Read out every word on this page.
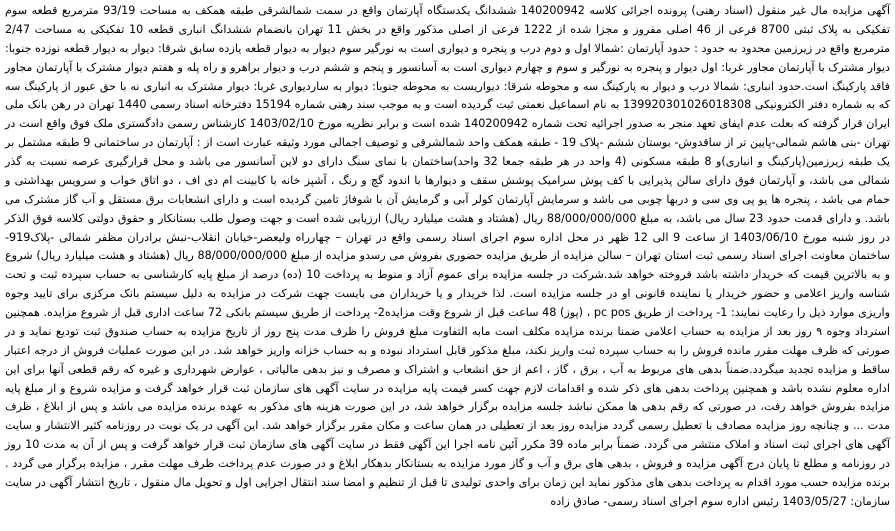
آگهی مزایده مال غیر منقول (اسناد رهنی) پرونده اجرائی کلاسه 140200942 ششدانگ یکدستگاه آپارتمان واقع در سمت شمالشرقی طبقه همکف به مساحت 93/19 مترمربع قطعه سوم تفکیکی به پلاک ثبتی 8700 فرعی از 46 اصلی مفروز و مجزا شده از 1222 فرعی از اصلی مذکور واقع در بخش 11 تهران بانضمام ششدانگ انباری قطعه 10 تفکیکی به مساحت 2/47 مترمربع واقع در زیرزمین محدود به حدود : حدود آپارتمان :شمالا اول و دوم درب و پنجره و دیواری است به نورگیر سوم دیوار به دیوار قطعه یازده سابق شرقا: دیوار به دیوار قطعه نوزده جنوبا: دیوار مشترک با آپارتمان مجاور غربا: اول دیوار و پنجره به نورگیر و سوم و چهارم دیواری است به آسانسور و پنجم و ششم درب و دیوار براهرو و راه پله و هفتم دیوار مشترک با آپارتمان مجاور فاقد پارکینگ است.حدود انباری: شمالا درب و دیوار به پارکینگ سه و محوطه شرقا: دیواریست به محوطه جنوبا: دیوار به ساردیواری غربا: دیوار مشترک به انباری نه با حق عبور از پارکینگ سه که به شماره دفتر الکترونیکی 139920301026018308 به نام اسماعیل نعمتی ثبت گردیده است و به موجب سند رهنی شماره 15194 دفترخانه اسناد رسمی 1440 تهران در رهن بانک ملی ایران قرار گرفته که بعلت عدم ایفای تعهد منجر به صدور اجرائیه تحت شماره 140200942 شده است و برابر نظریه مورخ 1403/02/10 کارشناس رسمی دادگستری ملک فوق واقع است در تهران -بنی هاشم شمالی-پایین تر از ساقدوش- بوستان ششم -پلاک 19 - طبقه همکف واحد شمالشرقی و توصیف اجمالی مورد وثیقه عبارت است از : آپارتمان در ساختمانی 9 طبقه مشتمل بر یک طبقه زیرزمین(پارکینگ و انباری)و 8 طبقه مسکونی (4 واحد در هر طبقه جمعا 32 واحد)ساختمان با نمای سنگ دارای دو لاین آسانسور می باشد و محل قرارگیری عرصه نسبت به گذر شمالی می باشد، و آپارتمان فوق دارای سالن پذیرایی با کف پوش سرامیک پوشش سقف و دیوارها با اندود گچ و رنگ ، آشپز خانه با کابینت ام دی اف ، دو اتاق خواب و سرویس بهداشتی و حمام می باشد ، پنجره ها یو پی وی سی و دربها چوبی می باشد و سرمایش آپارتمان کولر آبی و گرمایش آن با شوفاژ تامین گردیده است و دارای انشعابات برق مستقل و آب گاز مشترک می باشد. و دارای قدمت حدود 23 سال می باشد، به مبلغ 88/000/000/000 ریال (هشتاد و هشت میلیارد ریال) ارزیابی شده است و جهت وصول طلب بستانکار و حقوق دولتی کلاسه فوق الذکر در روز شنبه مورخ 1403/06/10 از ساعت 9 الی 12 ظهر در محل اداره سوم اجرای اسناد رسمی واقع در تهران – چهارراه ولیعصر-خیابان انقلاب-نبش برادران مظفر شمالی -پلاک919- ساختمان معاونت اجرای اسناد رسمی ثبت استان تهران – سالن مزایده از طریق مزایده حضوری بفروش می رسدو مزایده از مبلغ 88/000/000/000 ریال (هشتاد و هشت میلیارد ریال) شروع و به بالاترین قیمت که خریدار داشته باشد فروخته خواهد شد.شرکت در جلسه مزایده برای عموم آزاد و منوط به پرداخت 10 (ده) درصد از مبلغ پایه کارشناسی به حساب سپرده ثبت و تحت شناسه واریز اعلامی و حضور خریدار یا نماینده قانونی او در جلسه مزایده است. لذا خریدار و یا خریداران می بایست جهت شرکت در مزایده به دلیل سیستم بانک مرکزی برای تایید وجوه واریزی موارد ذیل را رعایت نمایند: 1- پرداخت از طریق pc pos ، (پوز) 48 ساعت قبل از شروع وقت مزایده2- پرداخت از طریق سیستم بانکی 72 ساعت اداری قبل از شروع مزایده. همچنین استرداد وجوه ۹ روز بعد از مزایده به حساب اعلامی ضمنا برنده مزایده مکلف است مابه التفاوت مبلغ فروش را ظرف مدت پنج روز از تاریخ مزایده به حساب صندوق ثبت تودیع نماید و در صورتی که ظرف مهلت مقرر مانده فروش را به حساب سپرده ثبت واریز نکند، مبلغ مذکور قابل استرداد نبوده و به حساب خزانه واریز خواهد شد. در این صورت عملیات فروش از درجه اعتبار ساقط و مزایده تجدید میگردد.ضمناً بدهی های مربوط به آب ، برق ، گاز ، اعم از حق انشعاب و اشتراک و مصرف و نیز بدهی مالیاتی ، عوارض شهرداری و غیره که رقم قطعی آنها برای این اداره معلوم نشده باشد و همچنین پرداخت بدهی های ذکر شده و اقدامات لازم جهت کسر قیمت پایه مزایده در سایت آگهی های سازمان ثبت قرار خواهد گرفت و مزایده شروع و از مبلغ پایه مزایده بفروش خواهد رفت، در صورتی که رقم بدهی ها ممکن نباشد جلسه مزایده برگزار خواهد شد، در این صورت هزینه های مذکور به عهده برنده مزایده می باشد و پس از ابلاغ ، ظرف مدت ... و چنانچه روز مزایده مصادف با تعطیل رسمی گردد مزایده روز بعد از تعطیلی در همان ساعت و مکان مقرر برگزار خواهد شد. این آگهی در یک نوبت در روزنامه کثیر الانتشار و سایت آگهی های اجرای ثبت اسناد و املاک منتشر می گردد. ضمناً برابر ماده 39 مکرر آئین نامه اجرا این آگهی فقط در سایت آگهی های سازمان ثبت قرار خواهد گرفت و پس از آن به مدت 10 روز در روزنامه و مطلع تا پایان درج آگهی مزایده و فروش ، بدهی های برق و آب و گاز مورد مزایده به بستانکار بدهکار ابلاغ و در صورت عدم پرداخت ظرف مهلت مقرر ، مزایده برگزار می گردد . برنده مزایده حسب مورد اقدام به پرداخت بدهی های مذکور نماید این زمان برای واحدی تولیدی تا قبل از تنظیم و امضا سند انتقال اجرایی اول و تحویل مال منقول ، تاریخ انتشار آگهی در سایت سازمان: 1403/05/27 رئیس اداره سوم اجرای اسناد رسمی- صادق زاده
